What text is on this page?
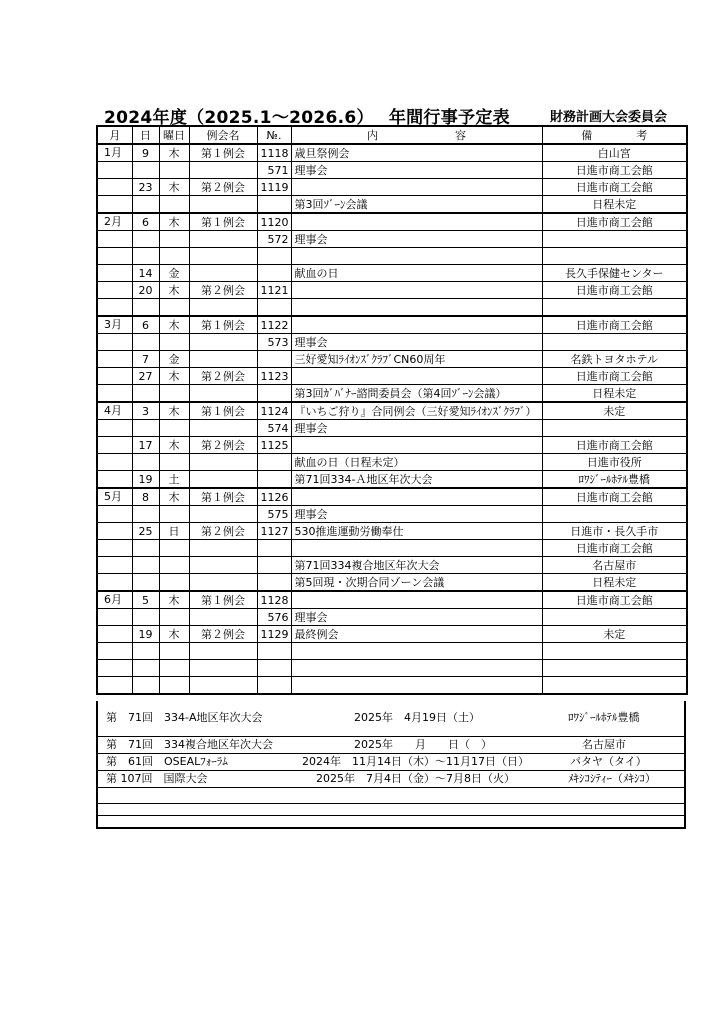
2024年度（2025.1～2026.6）　 年間行事予定表	財務計画大会委員会
月	日	曜日	例会名	№.	内　　　　　　　容	備　　　　考
1月	9	木	第１例会	1118	歳旦祭例会	白山宮
				571	理事会	日進市商工会館
	23	木	第２例会	1119		日進市商工会館
					第3回ｿﾞｰﾝ会議	日程未定
2月	6	木	第１例会	1120		日進市商工会館
				572	理事会	

	14	金			献血の日	長久手保健センター
	20	木	第２例会	1121		日進市商工会館

3月	6	木	第１例会	1122		日進市商工会館
				573	理事会	
	7	金			三好愛知ﾗｲｵﾝｽﾞｸﾗﾌﾞCN60周年	名鉄トヨタホテル
	27	木	第２例会	1123		日進市商工会館
					第3回ｶﾞﾊﾞﾅｰ諮問委員会（第4回ｿﾞｰﾝ会議）	日程未定
4月	3	木	第１例会	1124	『いちご狩り』合同例会（三好愛知ﾗｲｵﾝｽﾞｸﾗﾌﾞ）	未定
				574	理事会	
	17	木	第２例会	1125		日進市商工会館
					献血の日（日程未定）	日進市役所
	19	土			第71回334-Ａ地区年次大会	ﾛﾜｼﾞｰﾙﾎﾃﾙ豊橋
5月	8	木	第１例会	1126		日進市商工会館
				575	理事会	
	25	日	第２例会	1127	530推進運動労働奉仕	日進市・長久手市
						日進市商工会館
					第71回334複合地区年次大会	名古屋市
					第5回現・次期合同ゾーン会議	日程未定
6月	5	木	第１例会	1128		日進市商工会館
				576	理事会	
	19	木	第２例会	1129	最終例会	未定

第　71回　334-A地区年次大会	2025年　4月19日（土）	ﾛﾜｼﾞｰﾙﾎﾃﾙ豊橋
第　71回　334複合地区年次大会	2025年　　月　　日（　）	名古屋市
第　61回　OSEALﾌｫｰﾗﾑ	2024年　11月14日（木）～11月17日（日）	パタヤ（タイ）
第 107回　国際大会	2025年　7月4日（金）～7月8日（火）	ﾒｷｼｺｼﾃｨｰ（ﾒｷｼｺ）
